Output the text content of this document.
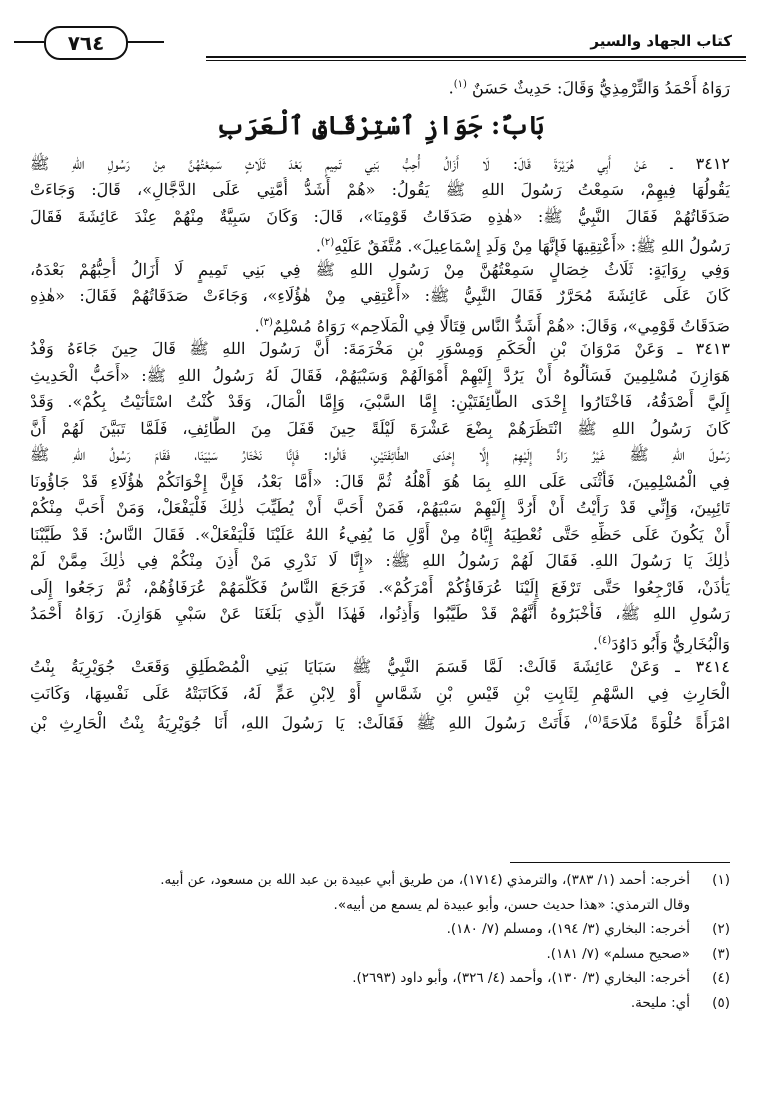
كتاب الجهاد والسير
٧٦٤

رَوَاهُ أَحْمَدُ وَالتِّرْمِذِيُّ وَقَالَ: حَدِيثٌ حَسَنٌ $^{(١)}$.

بَابٌ: جَوَازِ ٱسْتِرْقَاقِ ٱلْعَرَبِ

٣٤١٢ ـ عَنْ أَبِي هُرَيْرَةَ قَالَ: لَا أَزَالُ أُحِبُّ بَنِي تَمِيمٍ بَعْدَ ثَلَاثٍ سَمِعْتُهُنَّ مِنْ رَسُولِ اللهِ ﷺ

يَقُولُهَا فِيهِمْ، سَمِعْتُ رَسُولَ اللهِ ﷺ يَقُولُ: «هُمْ أَشَدُّ أُمَّتِي عَلَى الدَّجَّالِ»، قَالَ: وَجَاءَتْ

صَدَقَاتُهُمْ فَقَالَ النَّبِيُّ ﷺ: «هٰذِهِ صَدَقَاتُ قَوْمِنَا»، قَالَ: وَكَانَ سَبِيَّةٌ مِنْهُمْ عِنْدَ عَائِشَةَ فَقَالَ

رَسُولُ اللهِ ﷺ: «أَعْتِقِيهَا فَإِنَّهَا مِنْ وَلَدِ إِسْمَاعِيلَ». مُتَّفَقٌ عَلَيْهِ$^{(٢)}$.

وَفِي رِوَايَةٍ: ثَلَاثُ خِصَالٍ سَمِعْتُهُنَّ مِنْ رَسُولِ اللهِ ﷺ فِي بَنِي تَمِيمٍ لَا أَزَالُ أُحِبُّهُمْ بَعْدَهُ،

كَانَ عَلَى عَائِشَةَ مُحَرَّرٌ فَقَالَ النَّبِيُّ ﷺ: «أَعْتِقِي مِنْ هٰؤُلَاءِ»، وَجَاءَتْ صَدَقَاتُهُمْ فَقَالَ: «هٰذِهِ

صَدَقَاتُ قَوْمِي»، وَقَالَ: «هُمْ أَشَدُّ النَّاسِ قِتَالًا فِي الْمَلَاحِمِ» رَوَاهُ مُسْلِمٌ$^{(٣)}$.

٣٤١٣ ـ وَعَنْ مَرْوَانَ بْنِ الْحَكَمِ وَمِسْوَرِ بْنِ مَخْرَمَةَ: أَنَّ رَسُولَ اللهِ ﷺ قَالَ حِينَ جَاءَهُ وَفْدُ

هَوَازِنَ مُسْلِمِينَ فَسَأَلُوهُ أَنْ يَرُدَّ إِلَيْهِمْ أَمْوَالَهُمْ وَسَبْيَهُمْ، فَقَالَ لَهُ رَسُولُ اللهِ ﷺ: «أَحَبُّ الْحَدِيثِ

إِلَيَّ أَصْدَقُهُ، فَاخْتَارُوا إِحْدَى الطَّائِفَتَيْنِ: إِمَّا السَّبْيَ، وَإِمَّا الْمَالَ، وَقَدْ كُنْتُ اسْتَأْنَيْتُ بِكُمْ». وَقَدْ

كَانَ رَسُولُ اللهِ ﷺ انْتَظَرَهُمْ بِضْعَ عَشْرَةَ لَيْلَةً حِينَ قَفَلَ مِنَ الطَّائِفِ، فَلَمَّا تَبَيَّنَ لَهُمْ أَنَّ

رَسُولَ اللهِ ﷺ غَيْرُ رَادٍّ إِلَيْهِمْ إِلَّا إِحْدَى الطَّائِفَتَيْنِ، قَالُوا: فَإِنَّا نَخْتَارُ سَبْيَنَا، فَقَامَ رَسُولُ اللهِ ﷺ

فِي الْمُسْلِمِينَ، فَأَثْنَى عَلَى اللهِ بِمَا هُوَ أَهْلُهُ ثُمَّ قَالَ: «أَمَّا بَعْدُ، فَإِنَّ إِخْوَانَكُمْ هٰؤُلَاءِ قَدْ جَاؤُونَا

تَائِبِينَ، وَإِنِّي قَدْ رَأَيْتُ أَنْ أَرُدَّ إِلَيْهِمْ سَبْيَهُمْ، فَمَنْ أَحَبَّ أَنْ يُطَيِّبَ ذٰلِكَ فَلْيَفْعَلْ، وَمَنْ أَحَبَّ مِنْكُمْ

أَنْ يَكُونَ عَلَى حَظِّهِ حَتَّى نُعْطِيَهُ إِيَّاهُ مِنْ أَوَّلِ مَا يُفِيءُ اللهُ عَلَيْنَا فَلْيَفْعَلْ». فَقَالَ النَّاسُ: قَدْ طَيَّبْنَا

ذٰلِكَ يَا رَسُولَ اللهِ. فَقَالَ لَهُمْ رَسُولُ اللهِ ﷺ: «إِنَّا لَا نَدْرِي مَنْ أَذِنَ مِنْكُمْ فِي ذٰلِكَ مِمَّنْ لَمْ

يَأْذَنْ، فَارْجِعُوا حَتَّى تَرْفَعَ إِلَيْنَا عُرَفَاؤُكُمْ أَمْرَكُمْ». فَرَجَعَ النَّاسُ فَكَلَّمَهُمْ عُرَفَاؤُهُمْ، ثُمَّ رَجَعُوا إِلَى

رَسُولِ اللهِ ﷺ، فَأَخْبَرُوهُ أَنَّهُمْ قَدْ طَيَّبُوا وَأَذِنُوا، فَهٰذَا الَّذِي بَلَغَنَا عَنْ سَبْيِ هَوَازِنَ. رَوَاهُ أَحْمَدُ

وَالْبُخَارِيُّ وَأَبُو دَاوُدَ$^{(٤)}$.

٣٤١٤ ـ وَعَنْ عَائِشَةَ قَالَتْ: لَمَّا قَسَمَ النَّبِيُّ ﷺ سَبَايَا بَنِي الْمُصْطَلِقِ وَقَعَتْ جُوَيْرِيَةُ بِنْتُ

الْحَارِثِ فِي السَّهْمِ لِثَابِتِ بْنِ قَيْسِ بْنِ شَمَّاسٍ أَوْ لِابْنِ عَمٍّ لَهُ، فَكَاتَبَتْهُ عَلَى نَفْسِهَا، وَكَانَتِ

امْرَأَةً حُلْوَةً مُلَاحَةً$^{(٥)}$، فَأَتَتْ رَسُولَ اللهِ ﷺ فَقَالَتْ: يَا رَسُولَ اللهِ، أَنَا جُوَيْرِيَةُ بِنْتُ الْحَارِثِ بْنِ

(١)
أخرجه: أحمد (١/ ٣٨٣)، والترمذي (١٧١٤)، من طريق أبي عبيدة بن عبد الله بن مسعود، عن أبيه.
وقال الترمذي: «هذا حديث حسن، وأبو عبيدة لم يسمع من أبيه».
(٢)
أخرجه: البخاري (٣/ ١٩٤)، ومسلم (٧/ ١٨٠).
(٣)
«صحيح مسلم» (٧/ ١٨١).
(٤)
أخرجه: البخاري (٣/ ١٣٠)، وأحمد (٤/ ٣٢٦)، وأبو داود (٢٦٩٣).
(٥)
أي: مليحة.
